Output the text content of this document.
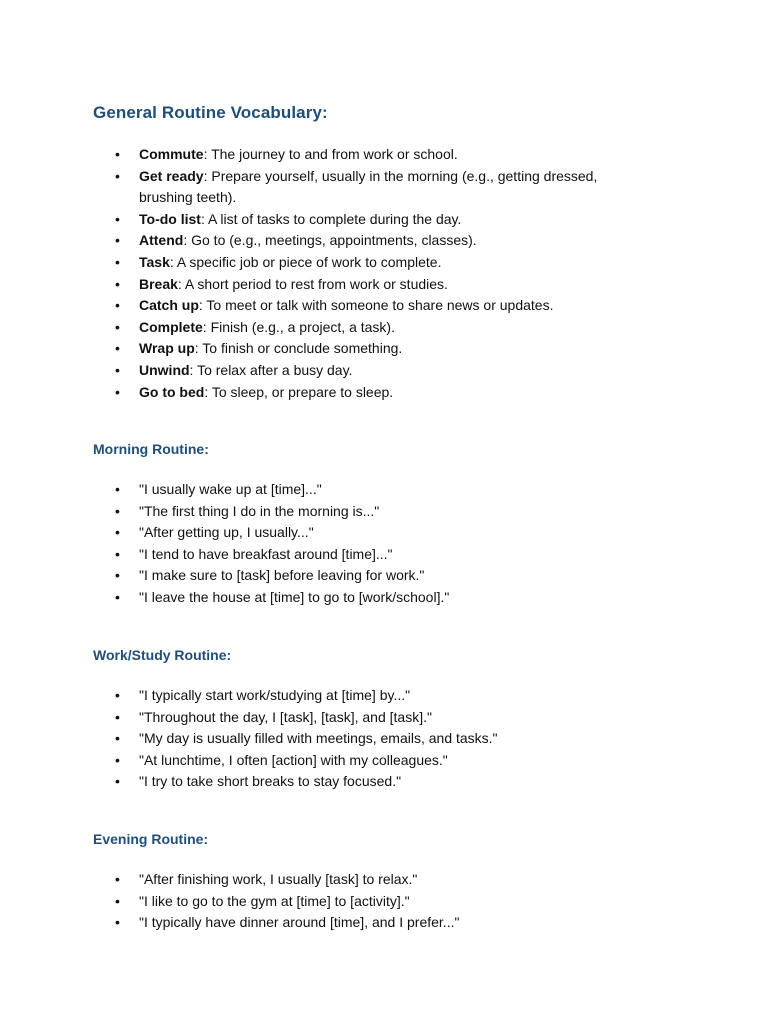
General Routine Vocabulary:
• Commute: The journey to and from work or school.
• Get ready: Prepare yourself, usually in the morning (e.g., getting dressed, brushing teeth).
• To-do list: A list of tasks to complete during the day.
• Attend: Go to (e.g., meetings, appointments, classes).
• Task: A specific job or piece of work to complete.
• Break: A short period to rest from work or studies.
• Catch up: To meet or talk with someone to share news or updates.
• Complete: Finish (e.g., a project, a task).
• Wrap up: To finish or conclude something.
• Unwind: To relax after a busy day.
• Go to bed: To sleep, or prepare to sleep.
Morning Routine:
• "I usually wake up at [time]..."
• "The first thing I do in the morning is..."
• "After getting up, I usually..."
• "I tend to have breakfast around [time]..."
• "I make sure to [task] before leaving for work."
• "I leave the house at [time] to go to [work/school]."
Work/Study Routine:
• "I typically start work/studying at [time] by..."
• "Throughout the day, I [task], [task], and [task]."
• "My day is usually filled with meetings, emails, and tasks."
• "At lunchtime, I often [action] with my colleagues."
• "I try to take short breaks to stay focused."
Evening Routine:
• "After finishing work, I usually [task] to relax."
• "I like to go to the gym at [time] to [activity]."
• "I typically have dinner around [time], and I prefer..."
